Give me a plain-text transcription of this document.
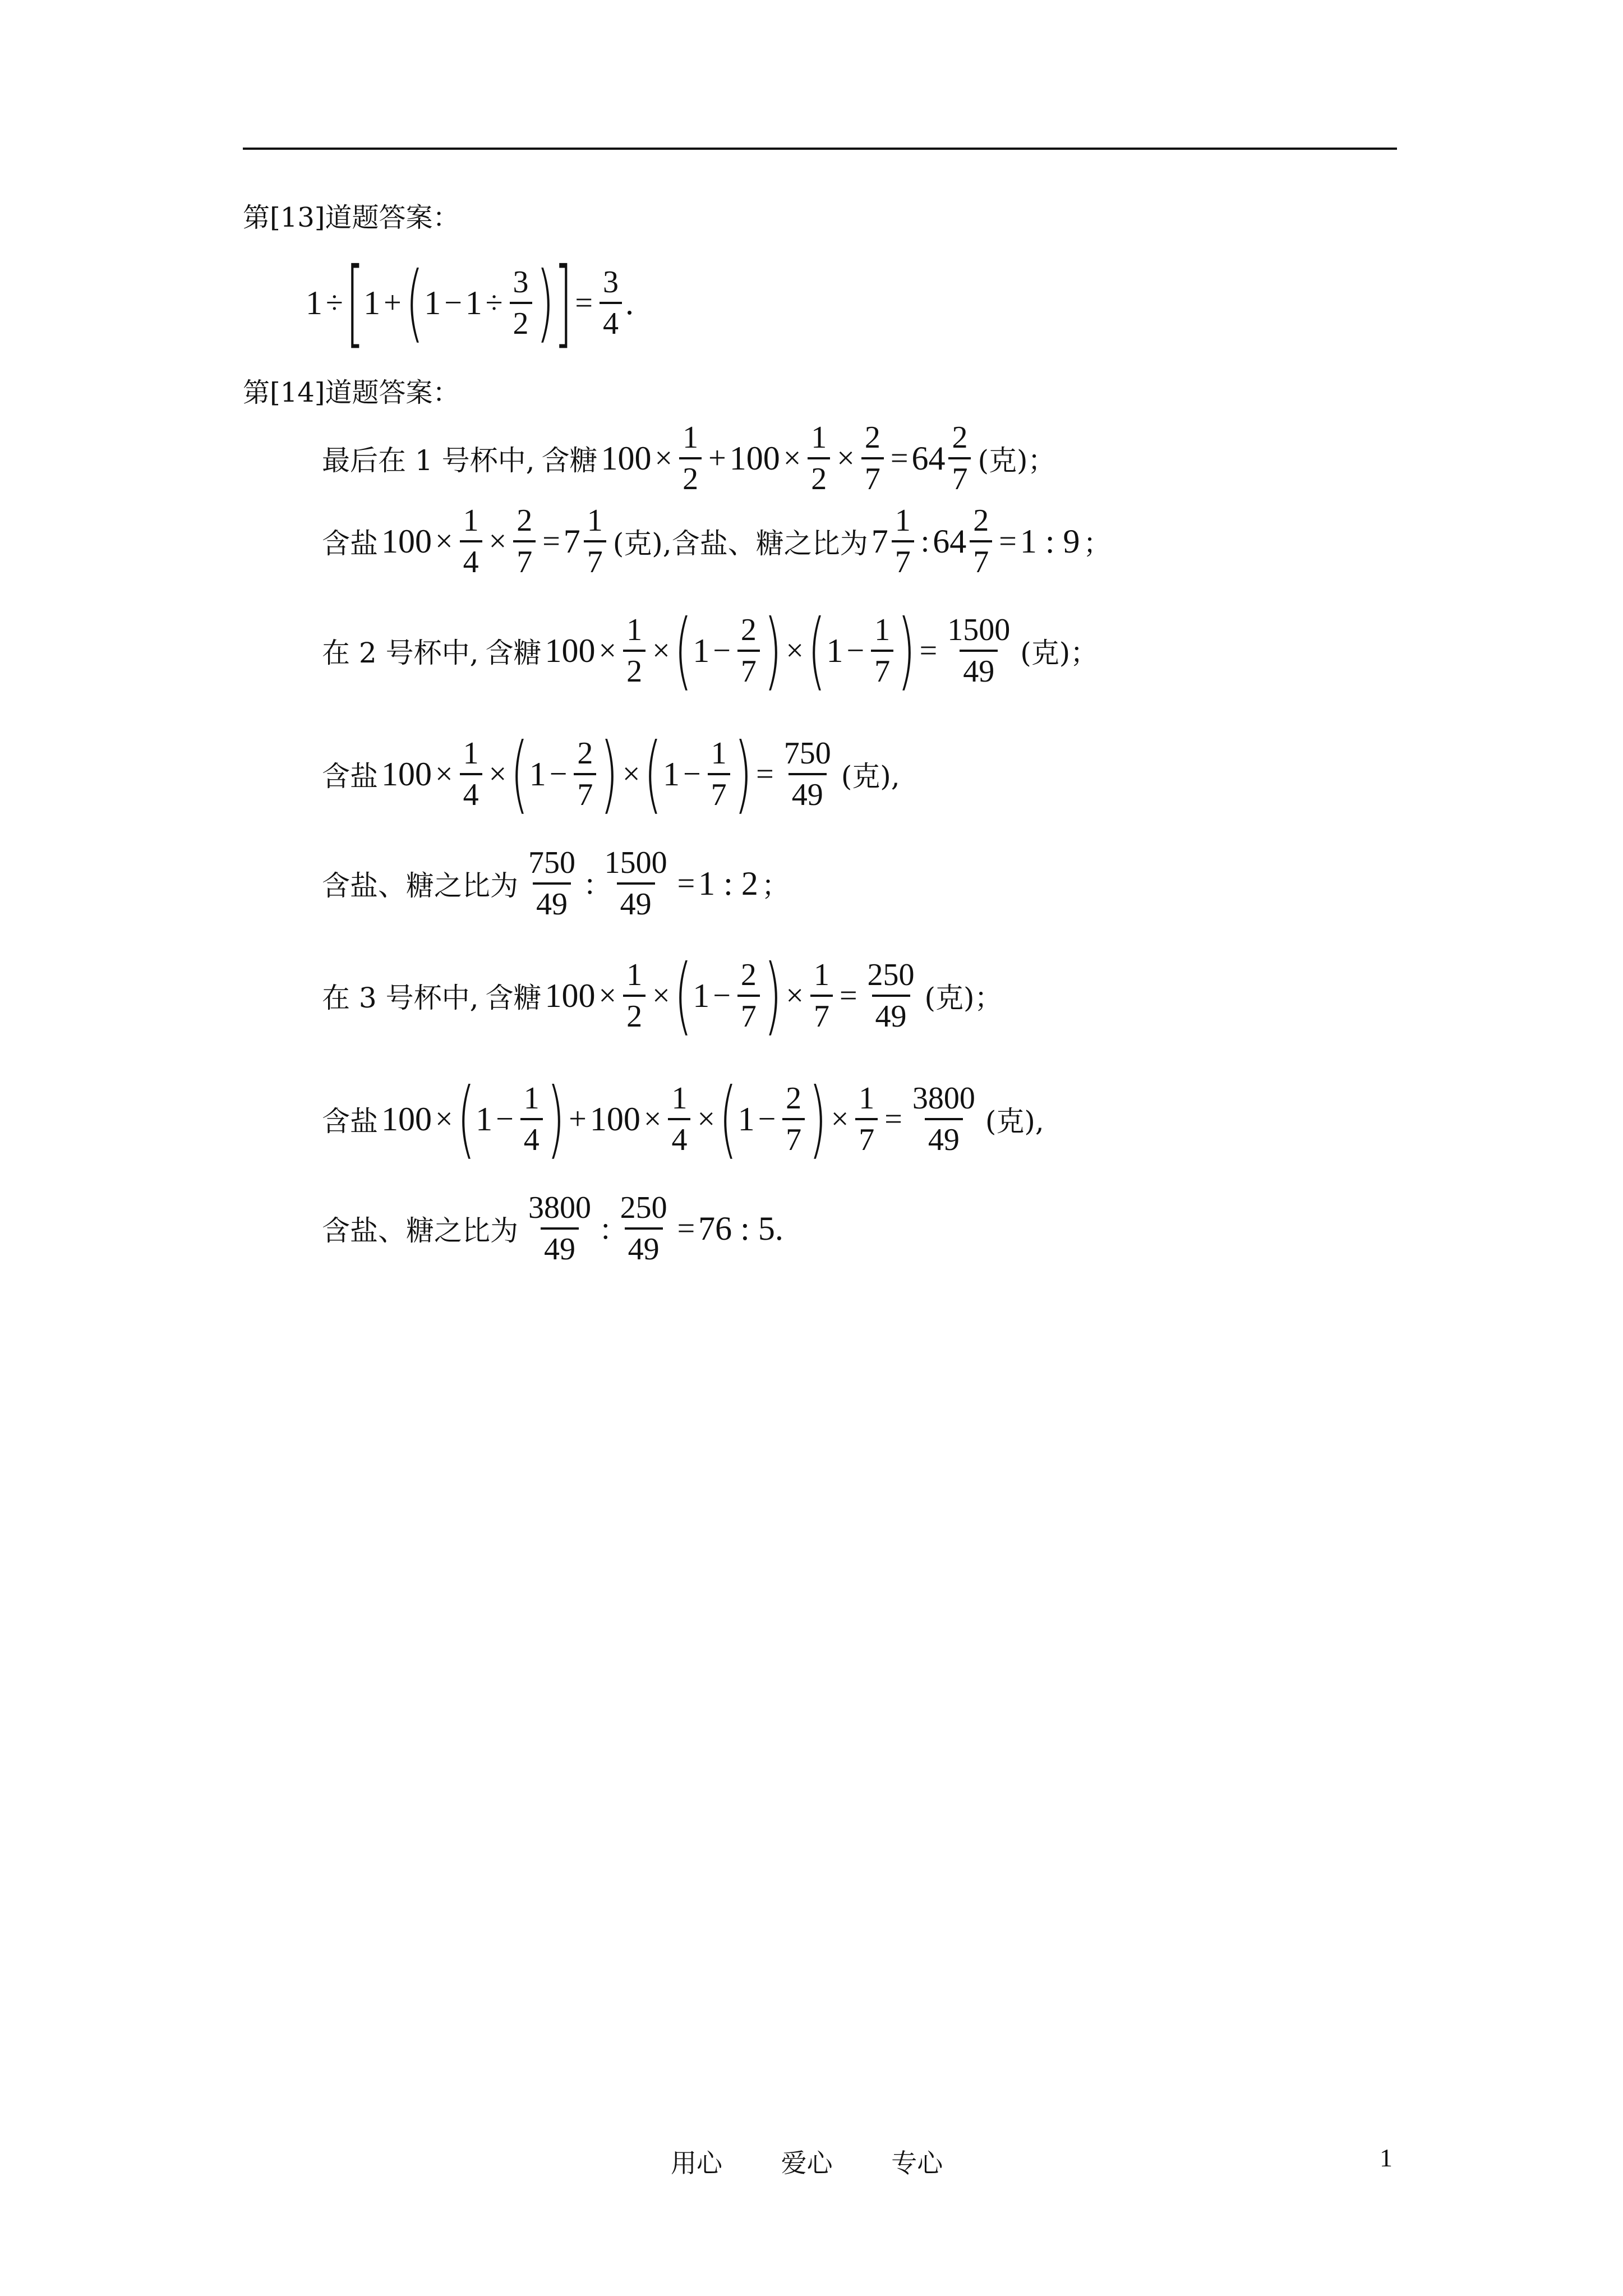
第[13]道题答案：
1 ÷ [
1 + ( $1 - 1 \div \frac{3}{2}$ ) ] = $\frac{3}{4}$ .
第[14]道题答案：
最后在 1 号杯中, 含糖 $100 \times \frac{1}{2} + 100 \times \frac{1}{2} \times \frac{2}{7} = 64 \frac{2}{7}$ (克)；
含盐 $100 \times \frac{1}{4} \times \frac{2}{7} = 7 \frac{1}{7}$ (克),含盐、糖之比为 $7 \frac{1}{7}$ : $64 \frac{2}{7} = 1$ : 9 ；
在 2 号杯中, 含糖 $100 \times \frac{1}{2}$ × ( $1 - \frac{2}{7}$ ) × ( $1 - \frac{1}{7}$ ) = $\frac{1500}{49}$ (克)；
含盐 $100 \times \frac{1}{4}$ × ( $1 - \frac{2}{7}$ ) × ( $1 - \frac{1}{7}$ ) = $\frac{750}{49}$ (克),
含盐、糖之比为 $\frac{750}{49}$ : $\frac{1500}{49} = 1$ : 2 ；
在 3 号杯中, 含糖 $100 \times \frac{1}{2}$ × ( $1 - \frac{2}{7}$ ) × $\frac{1}{7} = \frac{250}{49}$ (克)；
含盐 100 × ( $1 - \frac{1}{4}$ ) + $100 \times \frac{1}{4}$ × ( $1 - \frac{2}{7}$ ) × $\frac{1}{7} = \frac{3800}{49}$ (克),
含盐、糖之比为 $\frac{3800}{49}$ : $\frac{250}{49} = 76$ : 5 .
用心 爱心 专心	1
